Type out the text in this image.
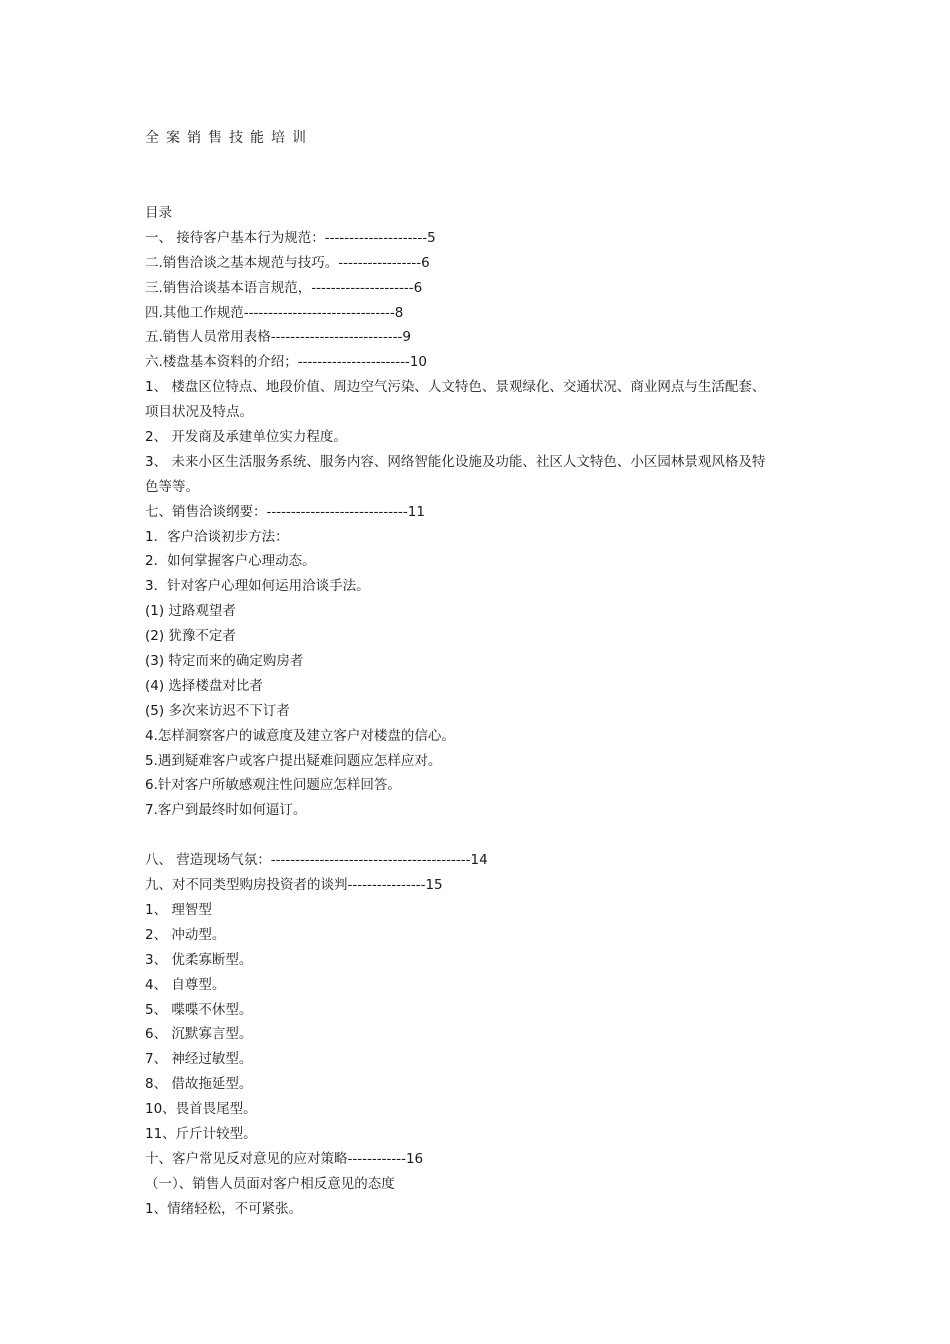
全案销售技能培训
目录
一、 接待客户基本行为规范：---------------------5
二.销售洽谈之基本规范与技巧。-----------------6
三.销售洽谈基本语言规范，---------------------6
四.其他工作规范-------------------------------8
五.销售人员常用表格---------------------------9
六.楼盘基本资料的介绍；-----------------------10
1、 楼盘区位特点、地段价值、周边空气污染、人文特色、景观绿化、交通状况、商业网点与生活配套、
项目状况及特点。
2、 开发商及承建单位实力程度。
3、 未来小区生活服务系统、服务内容、网络智能化设施及功能、社区人文特色、小区园林景观风格及特
色等等。
七、销售洽谈纲要：-----------------------------11
1．客户洽谈初步方法：
2．如何掌握客户心理动态。
3．针对客户心理如何运用洽谈手法。
(1) 过路观望者
(2) 犹豫不定者
(3) 特定而来的确定购房者
(4) 选择楼盘对比者
(5) 多次来访迟不下订者
4.怎样洞察客户的诚意度及建立客户对楼盘的信心。
5.遇到疑难客户或客户提出疑难问题应怎样应对。
6.针对客户所敏感观注性问题应怎样回答。
7.客户到最终时如何逼订。
八、 营造现场气氛：-----------------------------------------14
九、对不同类型购房投资者的谈判----------------15
1、 理智型
2、 冲动型。
3、 优柔寡断型。
4、 自尊型。
5、 喋喋不休型。
6、 沉默寡言型。
7、 神经过敏型。
8、 借故拖延型。
10、畏首畏尾型。
11、斤斤计较型。
十、客户常见反对意见的应对策略------------16
（一）、销售人员面对客户相反意见的态度
1、情绪轻松，不可紧张。
